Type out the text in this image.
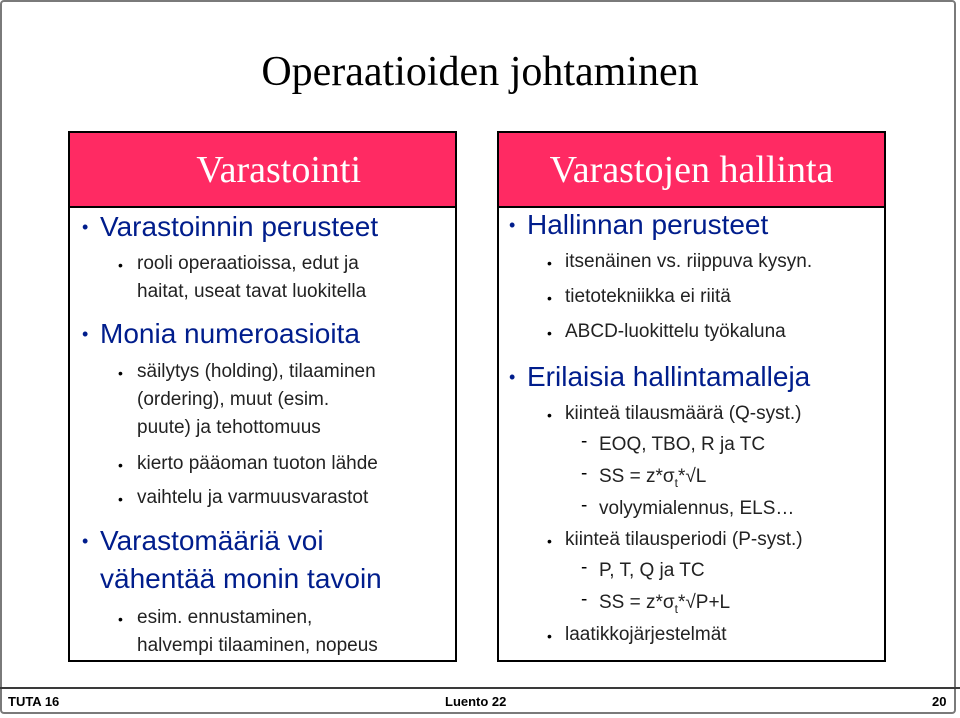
Operaatioiden johtaminen
Varastointi
• Varastoinnin perusteet
• rooli operaatioissa, edut ja
haitat, useat tavat luokitella
• Monia numeroasioita
• säilytys (holding), tilaaminen
(ordering), muut (esim.
puute) ja tehottomuus
• kierto pääoman tuoton lähde
• vaihtelu ja varmuusvarastot
• Varastomääriä voi
vähentää monin tavoin
• esim. ennustaminen,
halvempi tilaaminen, nopeus
Varastojen hallinta
• Hallinnan perusteet
• itsenäinen vs. riippuva kysyn.
• tietotekniikka ei riitä
• ABCD-luokittelu työkaluna
• Erilaisia hallintamalleja
• kiinteä tilausmäärä (Q-syst.)
- EOQ, TBO, R ja TC
- SS = $z*\sigma_t*√L$
- volyymialennus, ELS…
• kiinteä tilausperiodi (P-syst.)
- P, T, Q ja TC
- SS = $z*\sigma_t*√P+L$
• laatikkojärjestelmät
TUTA 16	Luento 22	20
